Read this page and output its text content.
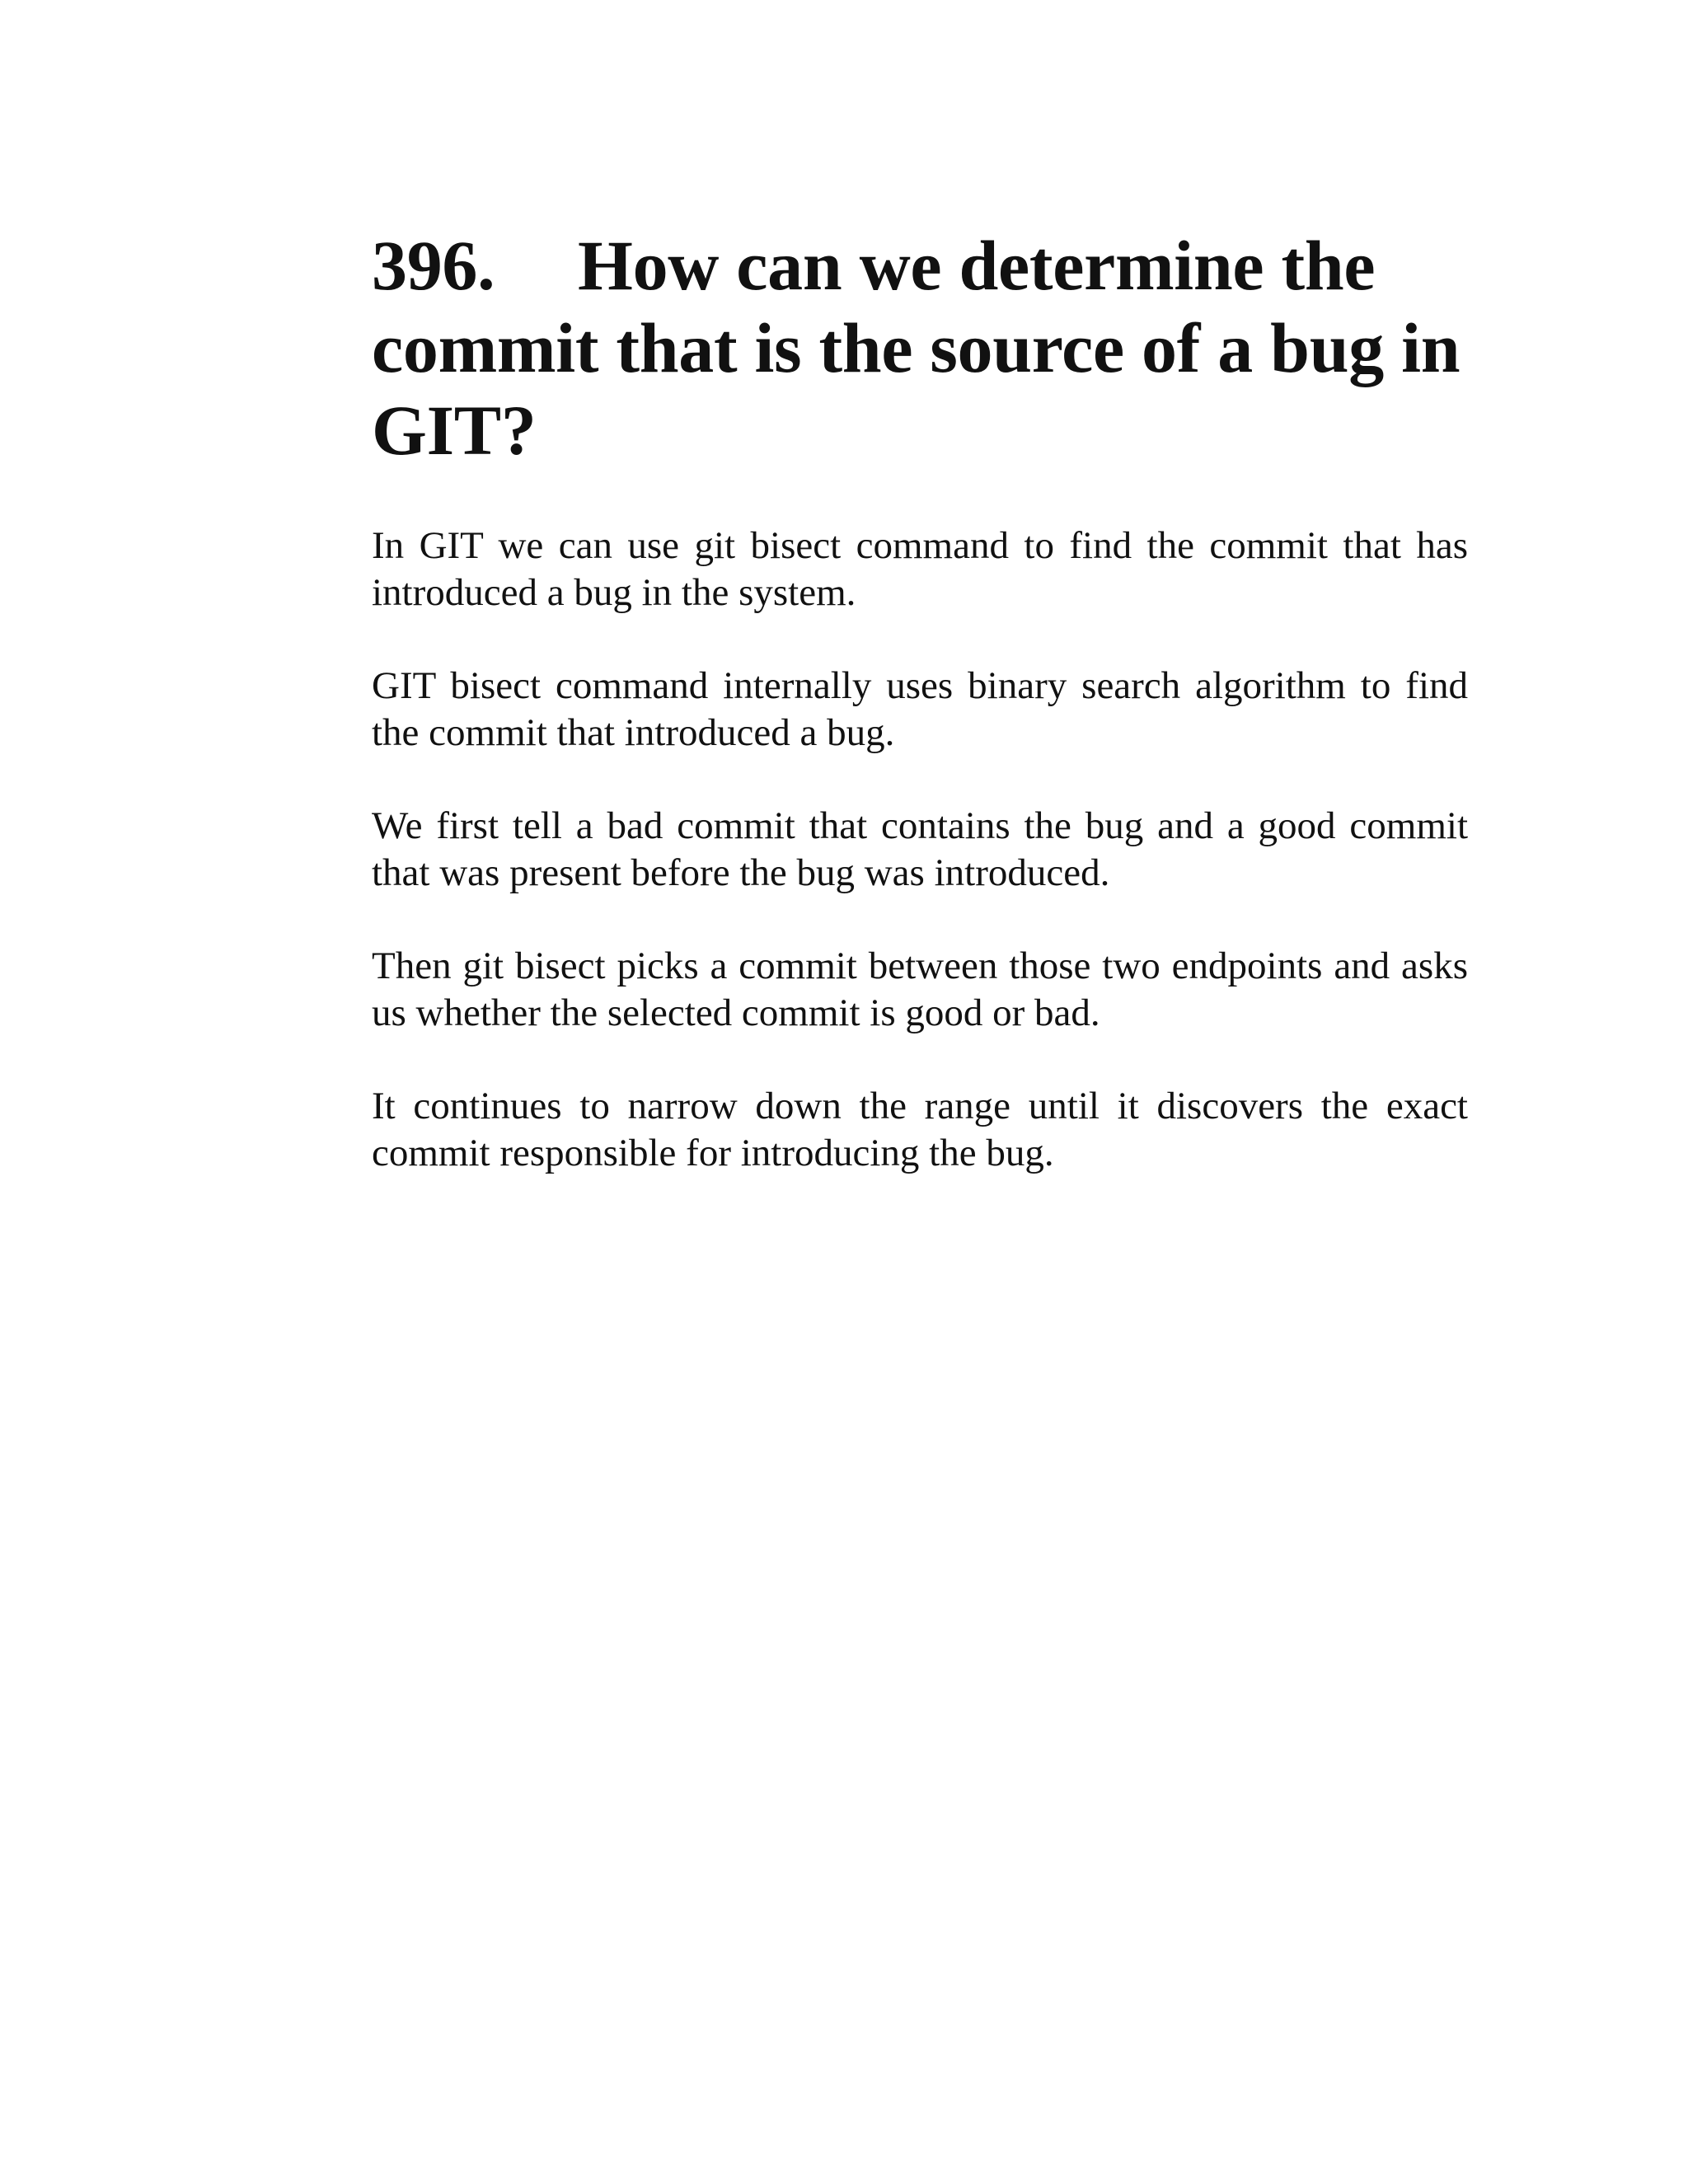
396. How can we determine the commit that is the source of a bug in GIT?

In GIT we can use git bisect command to find the commit that has introduced a bug in the system.

GIT bisect command internally uses binary search algorithm to find the commit that introduced a bug.

We first tell a bad commit that contains the bug and a good commit that was present before the bug was introduced.

Then git bisect picks a commit between those two endpoints and asks us whether the selected commit is good or bad.

It continues to narrow down the range until it discovers the exact commit responsible for introducing the bug.
